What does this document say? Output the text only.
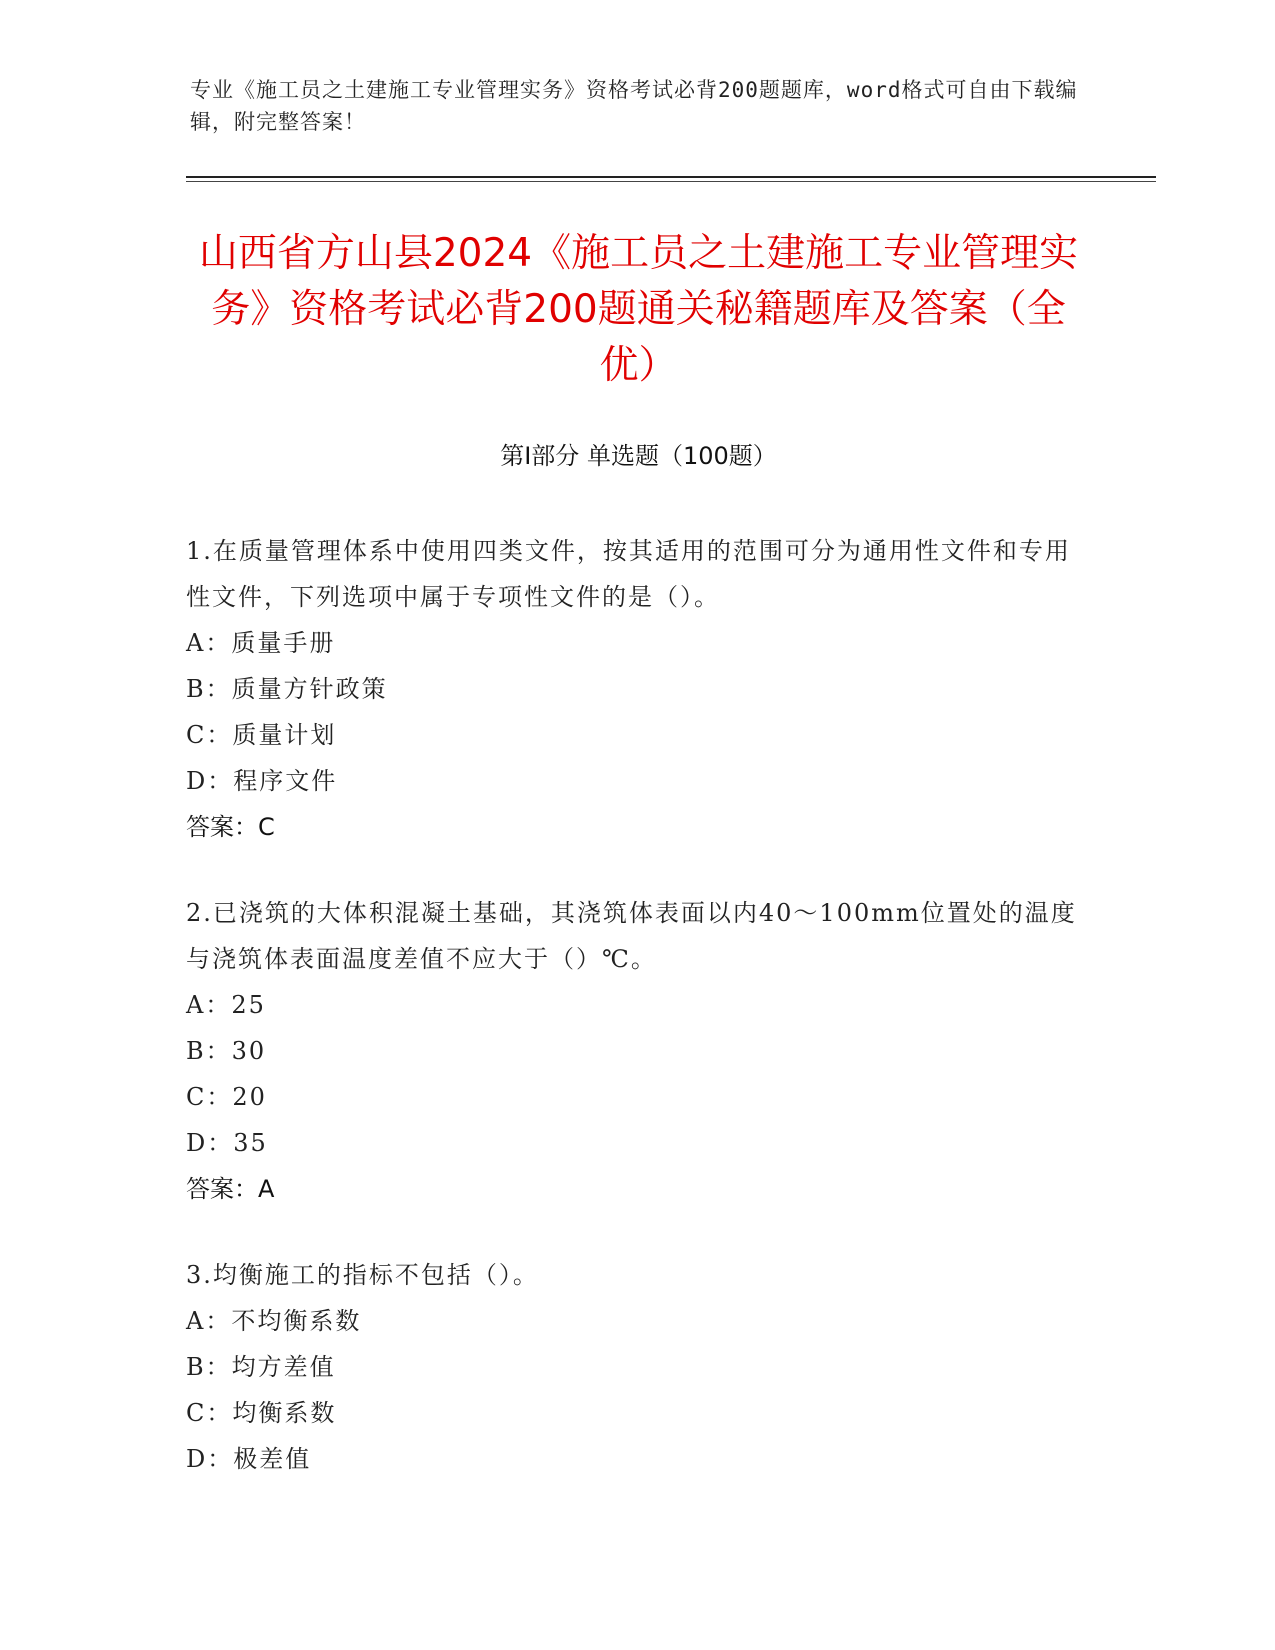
专业《施工员之土建施工专业管理实务》资格考试必背200题题库，word格式可自由下载编辑，附完整答案！
山西省方山县2024《施工员之土建施工专业管理实务》资格考试必背200题通关秘籍题库及答案（全优）
第Ⅰ部分 单选题（100题）

1.在质量管理体系中使用四类文件，按其适用的范围可分为通用性文件和专用性文件，下列选项中属于专项性文件的是（）。

A：质量手册

B：质量方针政策

C：质量计划

D：程序文件

答案：C

2.已浇筑的大体积混凝土基础，其浇筑体表面以内40～100mm位置处的温度与浇筑体表面温度差值不应大于（）℃。

A：25

B：30

C：20

D：35

答案：A

3.均衡施工的指标不包括（）。

A：不均衡系数

B：均方差值

C：均衡系数

D：极差值
